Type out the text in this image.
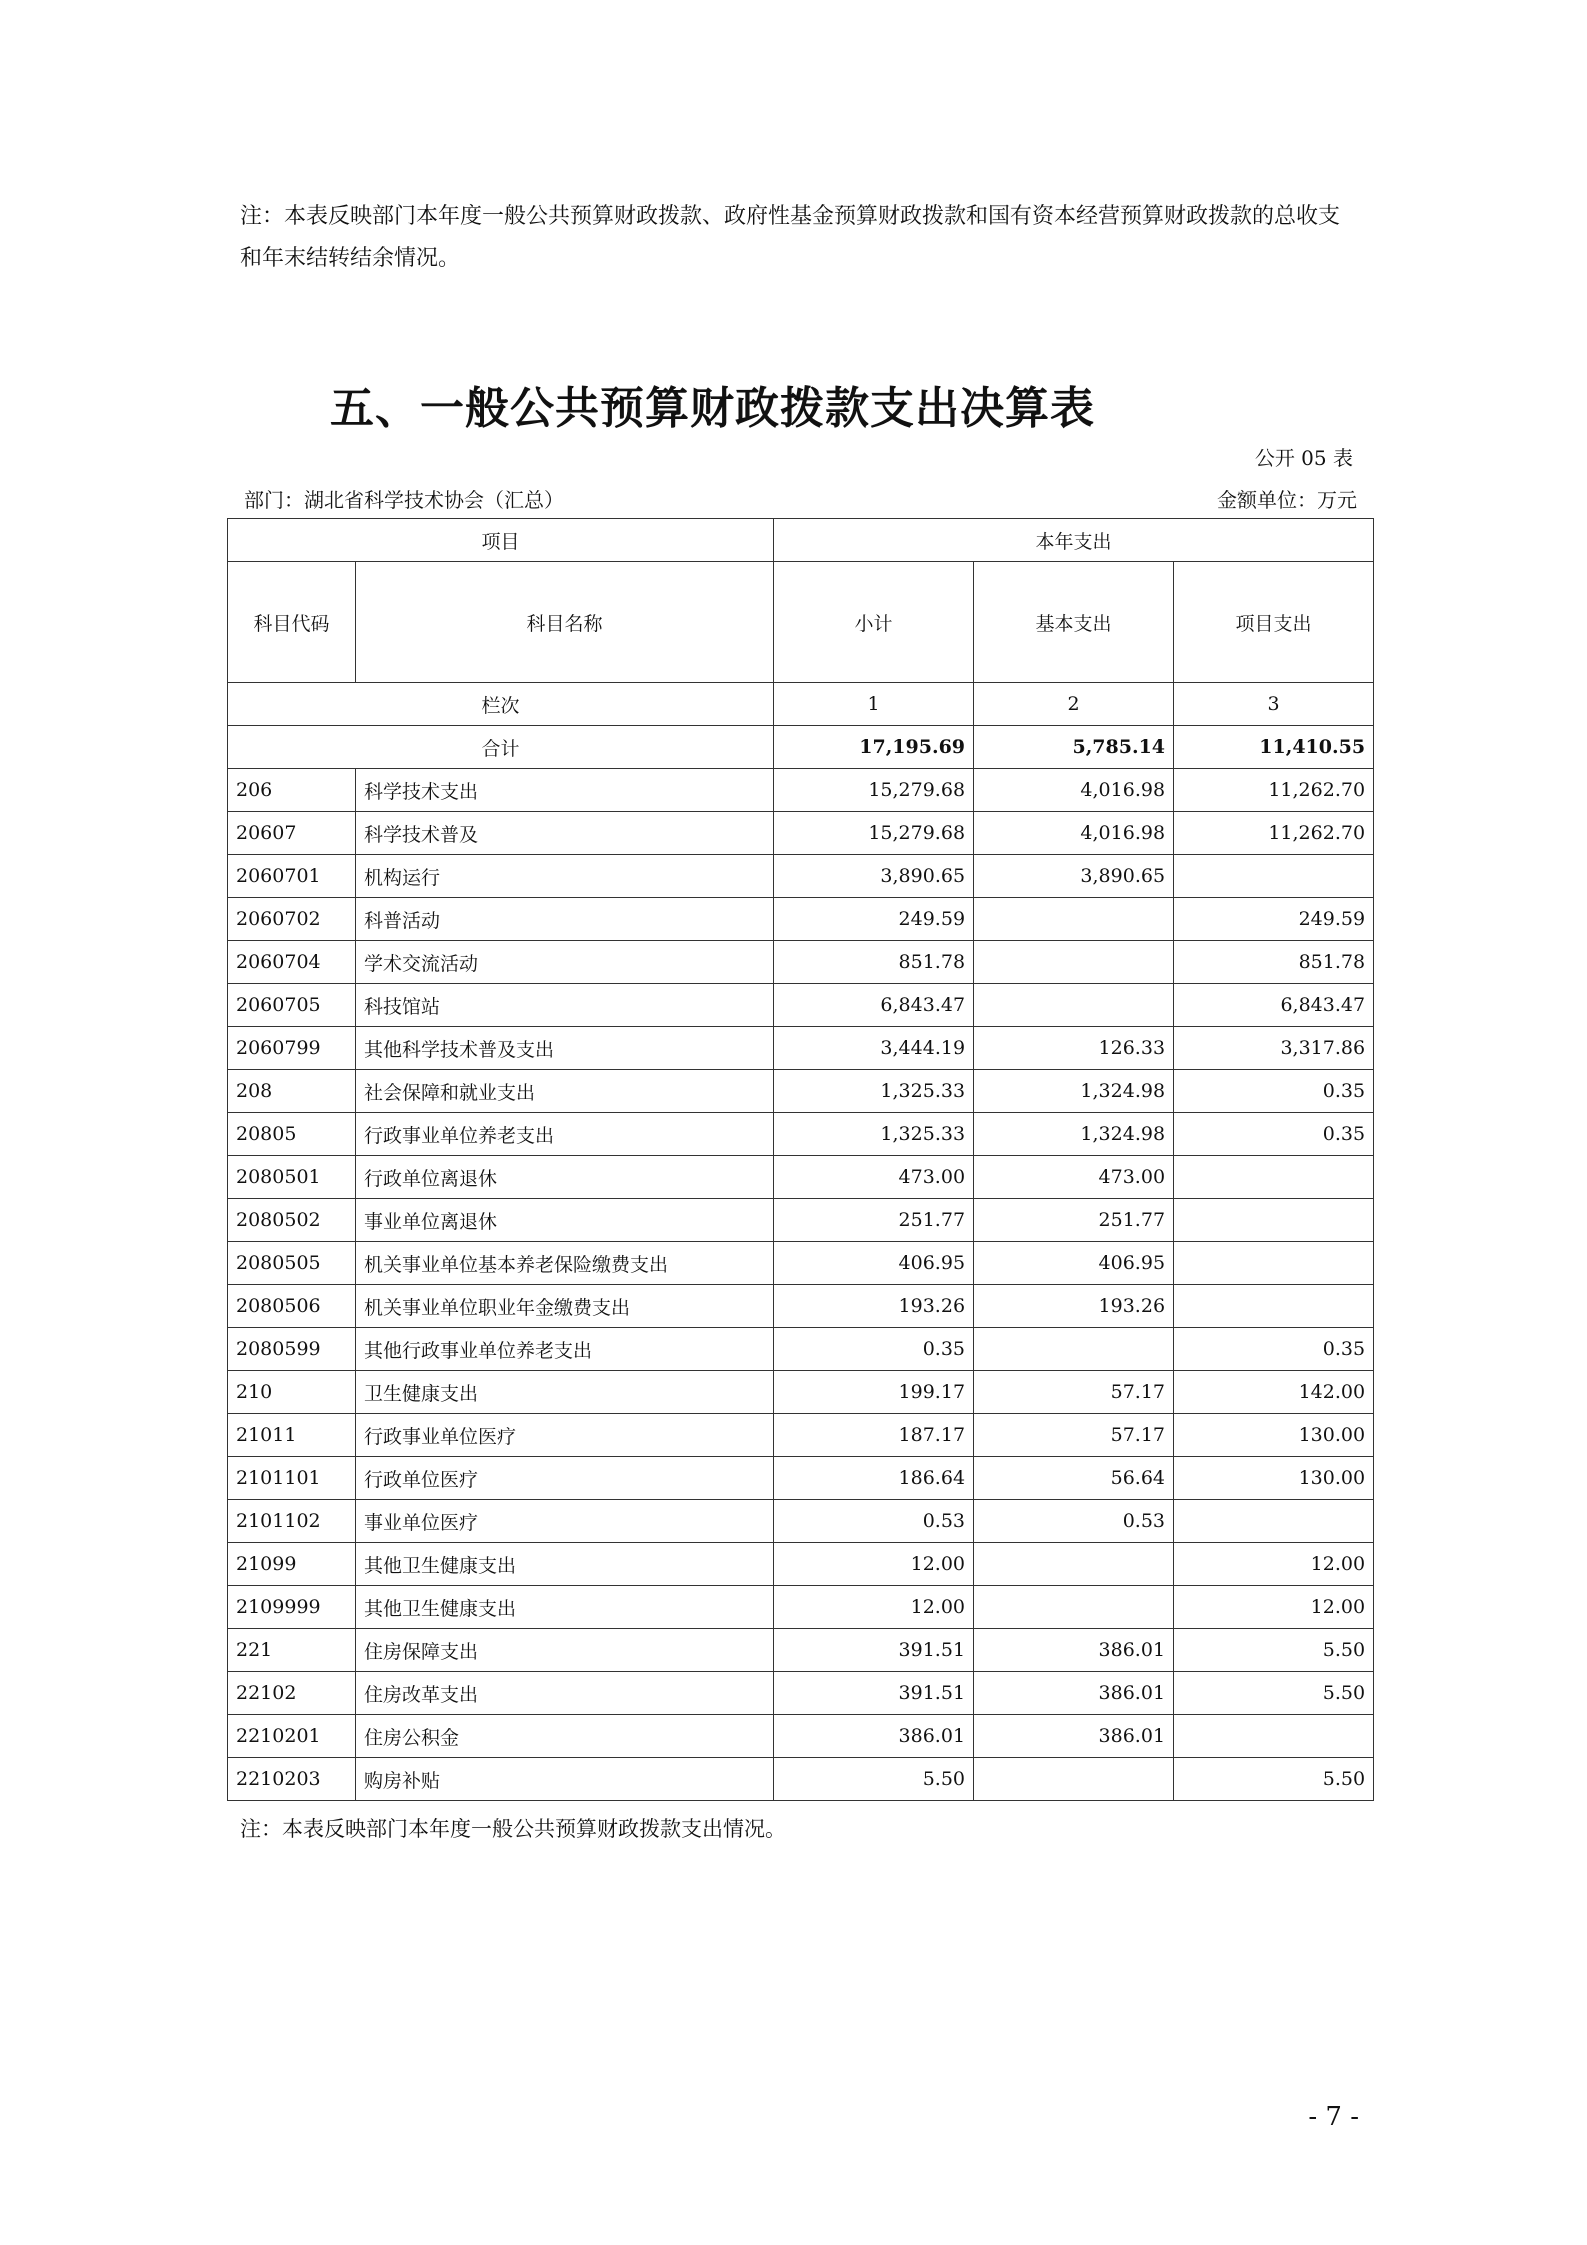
注：本表反映部门本年度一般公共预算财政拨款、政府性基金预算财政拨款和国有资本经营预算财政拨款的总收支和年末结转结余情况。
五、一般公共预算财政拨款支出决算表
公开 05 表
部门：湖北省科学技术协会（汇总）	金额单位：万元
项目		本年支出		
科目代码	科目名称	小计	基本支出	项目支出
栏次		1	2	3
合计		17,195.69	5,785.14	11,410.55
206	科学技术支出	15,279.68	4,016.98	11,262.70
20607	科学技术普及	15,279.68	4,016.98	11,262.70
2060701	机构运行	3,890.65	3,890.65	
2060702	科普活动	249.59		249.59
2060704	学术交流活动	851.78		851.78
2060705	科技馆站	6,843.47		6,843.47
2060799	其他科学技术普及支出	3,444.19	126.33	3,317.86
208	社会保障和就业支出	1,325.33	1,324.98	0.35
20805	行政事业单位养老支出	1,325.33	1,324.98	0.35
2080501	行政单位离退休	473.00	473.00	
2080502	事业单位离退休	251.77	251.77	
2080505	机关事业单位基本养老保险缴费支出	406.95	406.95	
2080506	机关事业单位职业年金缴费支出	193.26	193.26	
2080599	其他行政事业单位养老支出	0.35		0.35
210	卫生健康支出	199.17	57.17	142.00
21011	行政事业单位医疗	187.17	57.17	130.00
2101101	行政单位医疗	186.64	56.64	130.00
2101102	事业单位医疗	0.53	0.53	
21099	其他卫生健康支出	12.00		12.00
2109999	其他卫生健康支出	12.00		12.00
221	住房保障支出	391.51	386.01	5.50
22102	住房改革支出	391.51	386.01	5.50
2210201	住房公积金	386.01	386.01	
2210203	购房补贴	5.50		5.50
注：本表反映部门本年度一般公共预算财政拨款支出情况。
- 7 -
